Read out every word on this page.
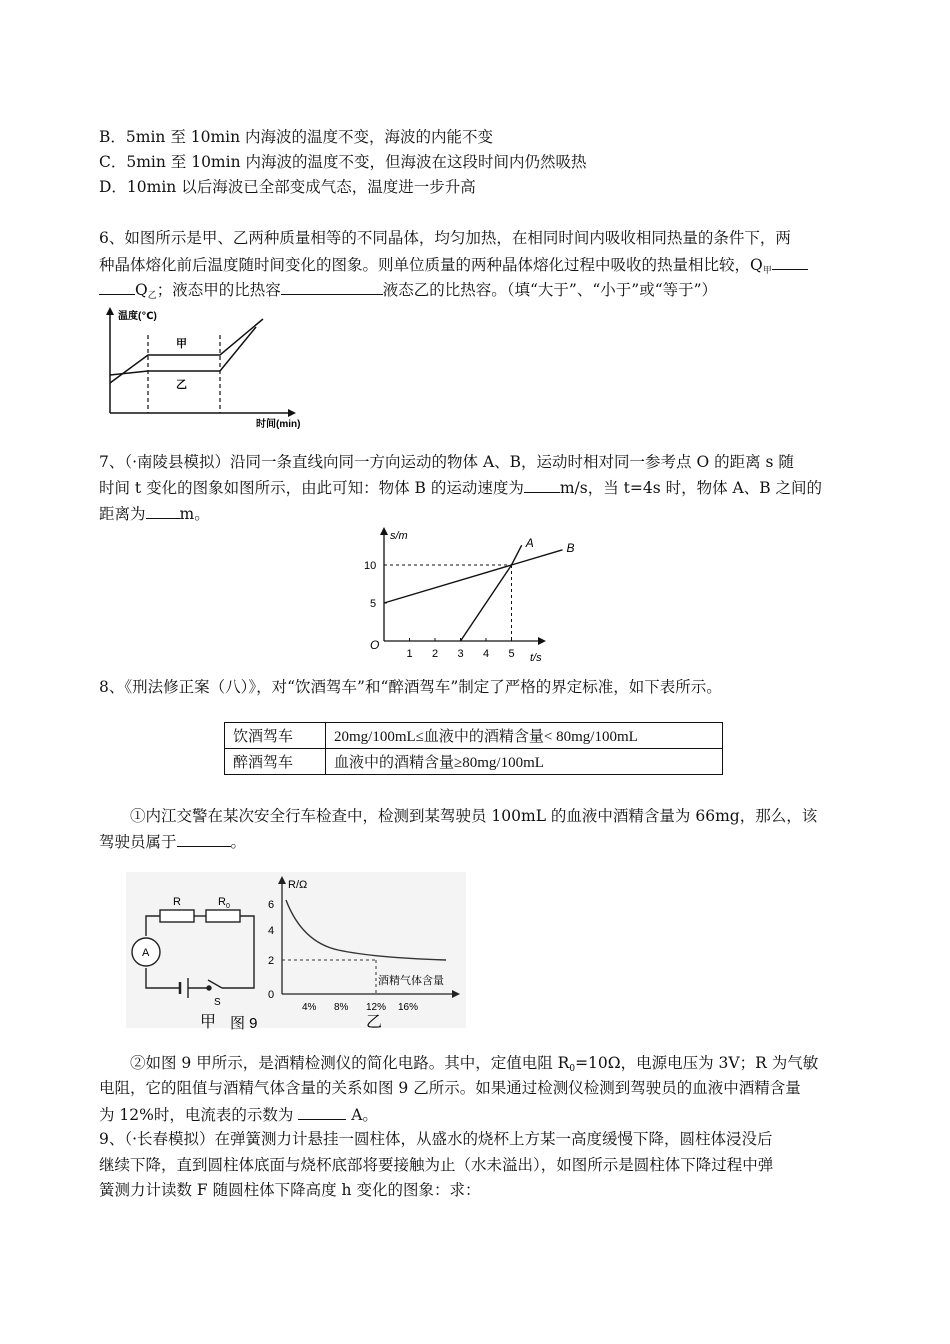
B．5min 至 10min 内海波的温度不变，海波的内能不变
C．5min 至 10min 内海波的温度不变，但海波在这段时间内仍然吸热
D．10min 以后海波已全部变成气态，温度进一步升高
6、如图所示是甲、乙两种质量相等的不同晶体，均匀加热，在相同时间内吸收相同热量的条件下，两
种晶体熔化前后温度随时间变化的图象。则单位质量的两种晶体熔化过程中吸收的热量相比较，$Q_甲$
$Q_乙$；液态甲的比热容	液态乙的比热容。（填“大于”、“小于”或“等于”）
温度(℃)
时间(min)
甲
乙
7、（·南陵县模拟）沿同一条直线向同一方向运动的物体 A、B，运动时相对同一参考点 O 的距离 s 随
时间 t 变化的图象如图所示，由此可知：物体 B 的运动速度为 m/s，当 t=4s 时，物体 A、B 之间的
距离为 m。
s/m
t/s
O
1 2 3 4 5
5
10
A	B
8、《刑法修正案（八）》，对“饮酒驾车”和“醉酒驾车”制定了严格的界定标准，如下表所示。
饮酒驾车	20mg/100mL≤血液中的酒精含量< 80mg/100mL
醉酒驾车	血液中的酒精含量≥80mg/100mL
①内江交警在某次安全行车检查中，检测到某驾驶员 100mL 的血液中酒精含量为 66mg，那么，该
驾驶员属于	。
R	$R_0$
A
S
甲 图 9
R/Ω
6
4
2
0
4% 8% 12% 16%
酒精气体含量
乙
②如图 9 甲所示，是酒精检测仪的简化电路。其中，定值电阻 $R_0=10\Omega$，电源电压为 3V；R 为气敏
电阻，它的阻值与酒精气体含量的关系如图 9 乙所示。如果通过检测仪检测到驾驶员的血液中酒精含量
为 12%时，电流表的示数为	A。
9、（·长春模拟）在弹簧测力计悬挂一圆柱体，从盛水的烧杯上方某一高度缓慢下降，圆柱体浸没后
继续下降，直到圆柱体底面与烧杯底部将要接触为止（水未溢出），如图所示是圆柱体下降过程中弹
簧测力计读数 F 随圆柱体下降高度 h 变化的图象：求：
